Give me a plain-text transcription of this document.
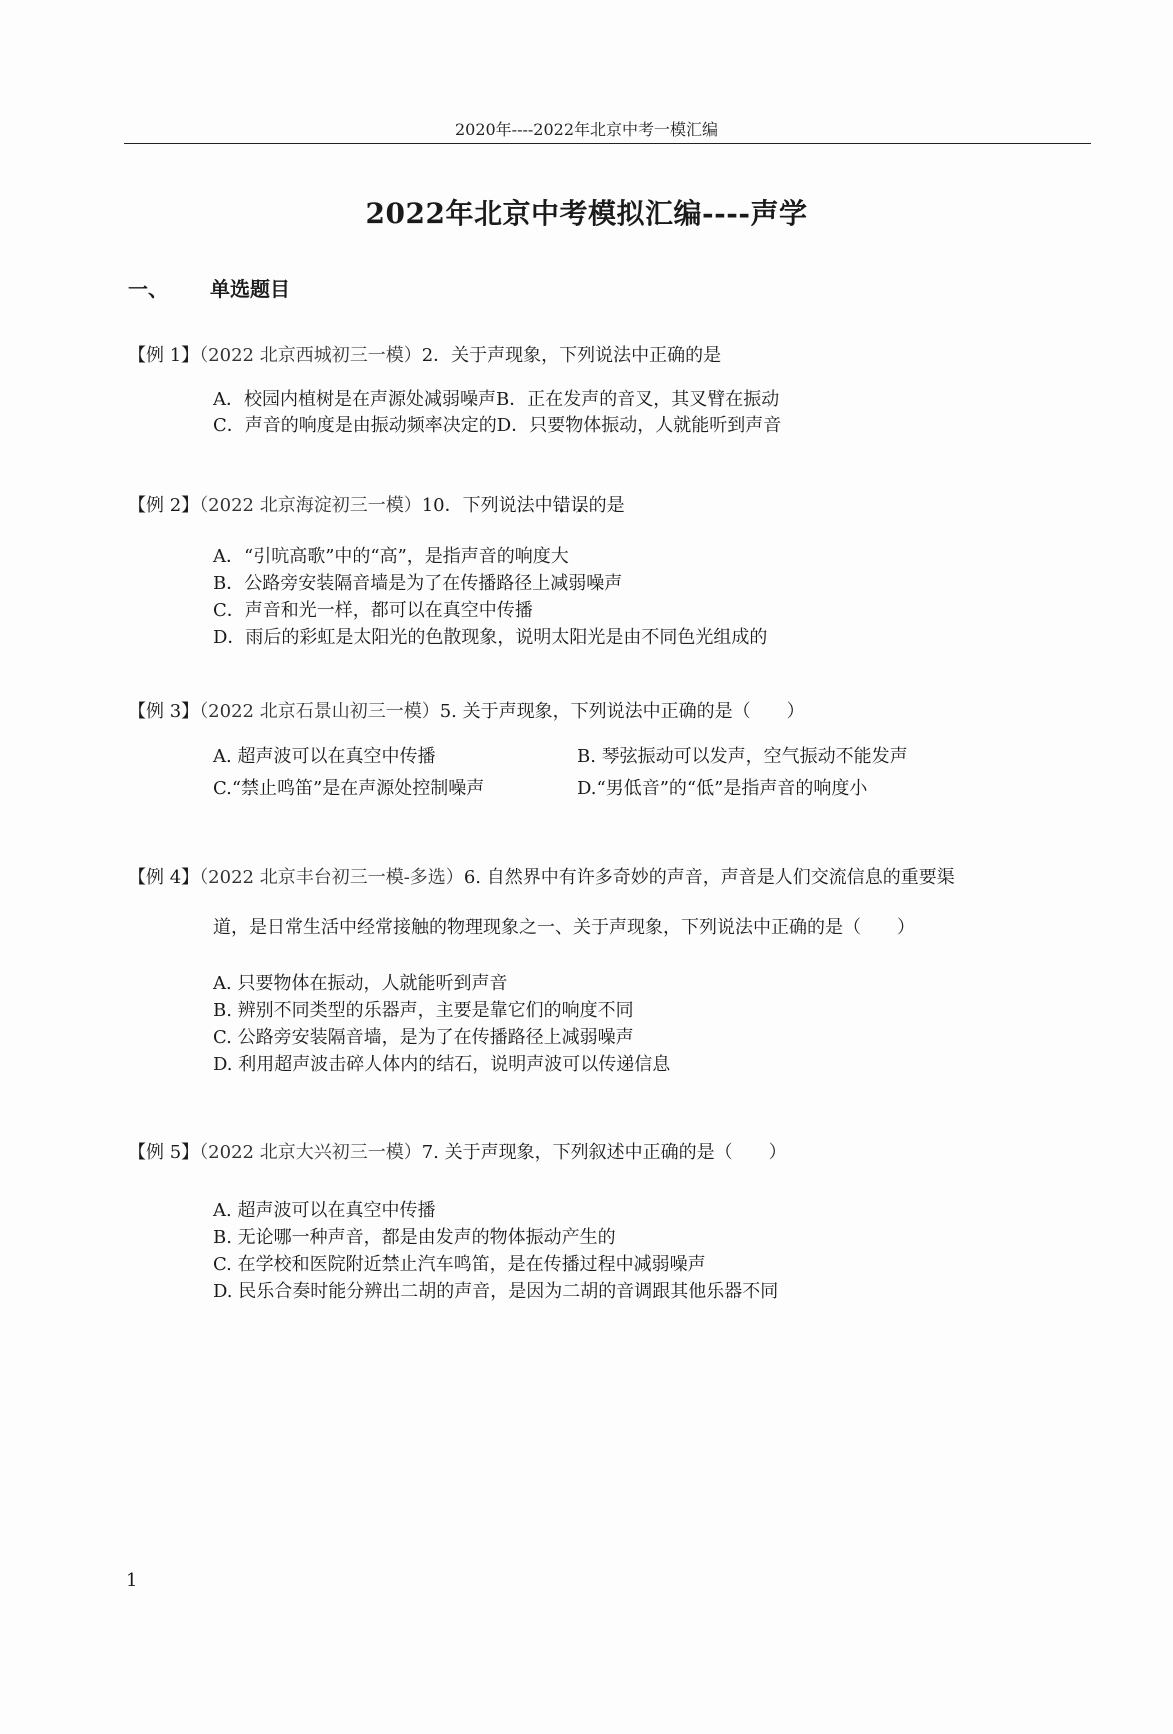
2020年----2022年北京中考一模汇编
2022年北京中考模拟汇编----声学
一、 单选题目
【例 1】（2022 北京西城初三一模）2．关于声现象，下列说法中正确的是
A．校园内植树是在声源处减弱噪声B．正在发声的音叉，其叉臂在振动
C．声音的响度是由振动频率决定的D．只要物体振动，人就能听到声音
【例 2】（2022 北京海淀初三一模）10．下列说法中错误的是
A．“引吭高歌”中的“高”，是指声音的响度大
B．公路旁安装隔音墙是为了在传播路径上减弱噪声
C．声音和光一样，都可以在真空中传播
D．雨后的彩虹是太阳光的色散现象，说明太阳光是由不同色光组成的
【例 3】（2022 北京石景山初三一模）5. 关于声现象，下列说法中正确的是（　　）
A. 超声波可以在真空中传播	B. 琴弦振动可以发声，空气振动不能发声
C.“禁止鸣笛”是在声源处控制噪声	D.“男低音”的“低”是指声音的响度小
【例 4】（2022 北京丰台初三一模-多选）6. 自然界中有许多奇妙的声音，声音是人们交流信息的重要渠
道，是日常生活中经常接触的物理现象之一、关于声现象，下列说法中正确的是（　　）
A. 只要物体在振动，人就能听到声音
B. 辨别不同类型的乐器声，主要是靠它们的响度不同
C. 公路旁安装隔音墙，是为了在传播路径上减弱噪声
D. 利用超声波击碎人体内的结石，说明声波可以传递信息
【例 5】（2022 北京大兴初三一模）7. 关于声现象，下列叙述中正确的是（　　）
A. 超声波可以在真空中传播
B. 无论哪一种声音，都是由发声的物体振动产生的
C. 在学校和医院附近禁止汽车鸣笛，是在传播过程中减弱噪声
D. 民乐合奏时能分辨出二胡的声音，是因为二胡的音调跟其他乐器不同
1
